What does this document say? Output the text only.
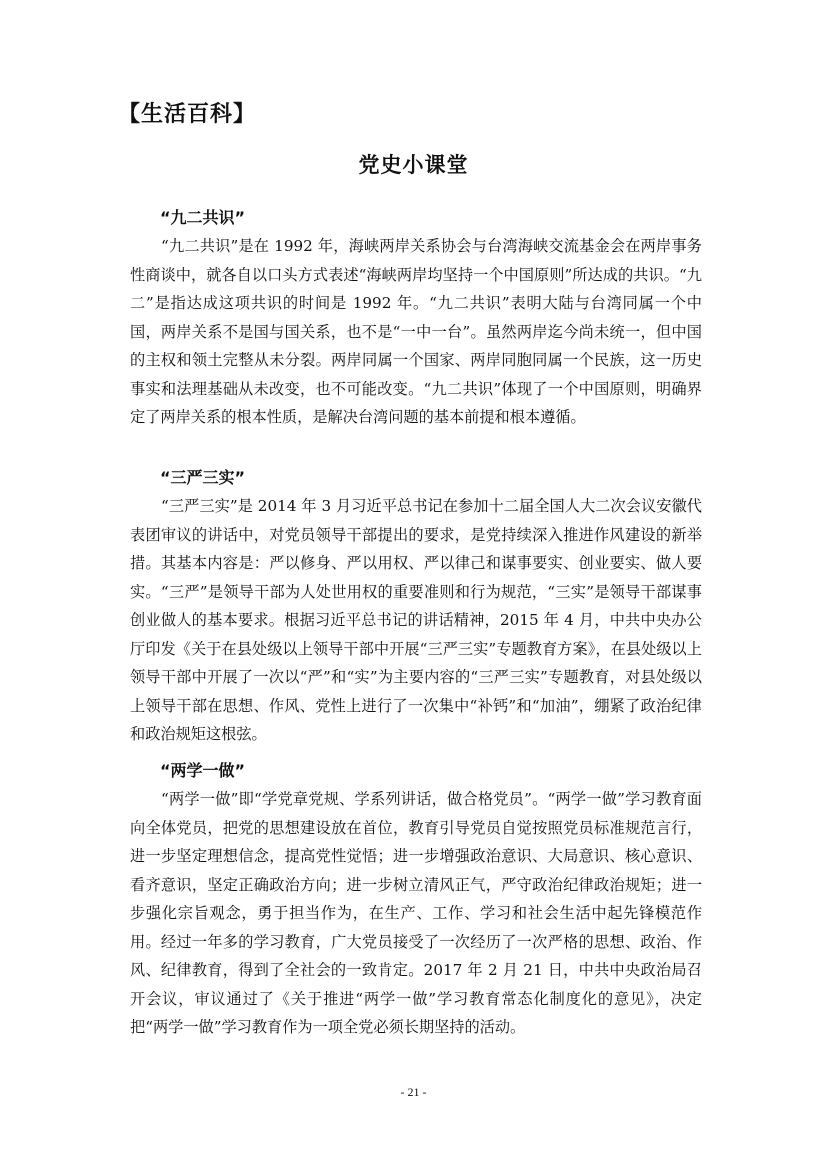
【生活百科】
党史小课堂
“九二共识”

“九二共识”是在 1992 年，海峡两岸关系协会与台湾海峡交流基金会在两岸事务性商谈中，就各自以口头方式表述“海峡两岸均坚持一个中国原则”所达成的共识。“九二”是指达成这项共识的时间是 1992 年。“九二共识”表明大陆与台湾同属一个中国，两岸关系不是国与国关系，也不是“一中一台”。虽然两岸迄今尚未统一，但中国的主权和领土完整从未分裂。两岸同属一个国家、两岸同胞同属一个民族，这一历史事实和法理基础从未改变，也不可能改变。“九二共识”体现了一个中国原则，明确界定了两岸关系的根本性质，是解决台湾问题的基本前提和根本遵循。

“三严三实”

“三严三实”是 2014 年 3 月习近平总书记在参加十二届全国人大二次会议安徽代表团审议的讲话中，对党员领导干部提出的要求，是党持续深入推进作风建设的新举措。其基本内容是：严以修身、严以用权、严以律己和谋事要实、创业要实、做人要实。“三严”是领导干部为人处世用权的重要准则和行为规范，“三实”是领导干部谋事创业做人的基本要求。根据习近平总书记的讲话精神，2015 年 4 月，中共中央办公厅印发《关于在县处级以上领导干部中开展“三严三实”专题教育方案》，在县处级以上领导干部中开展了一次以“严”和“实”为主要内容的“三严三实”专题教育，对县处级以上领导干部在思想、作风、党性上进行了一次集中“补钙”和“加油”，绷紧了政治纪律和政治规矩这根弦。

“两学一做”

“两学一做”即“学党章党规、学系列讲话，做合格党员”。“两学一做”学习教育面向全体党员，把党的思想建设放在首位，教育引导党员自觉按照党员标准规范言行，进一步坚定理想信念，提高党性觉悟；进一步增强政治意识、大局意识、核心意识、看齐意识，坚定正确政治方向；进一步树立清风正气，严守政治纪律政治规矩；进一步强化宗旨观念，勇于担当作为，在生产、工作、学习和社会生活中起先锋模范作用。经过一年多的学习教育，广大党员接受了一次经历了一次严格的思想、政治、作风、纪律教育，得到了全社会的一致肯定。2017 年 2 月 21 日，中共中央政治局召开会议，审议通过了《关于推进“两学一做”学习教育常态化制度化的意见》，决定把“两学一做”学习教育作为一项全党必须长期坚持的活动。

- 21 -
